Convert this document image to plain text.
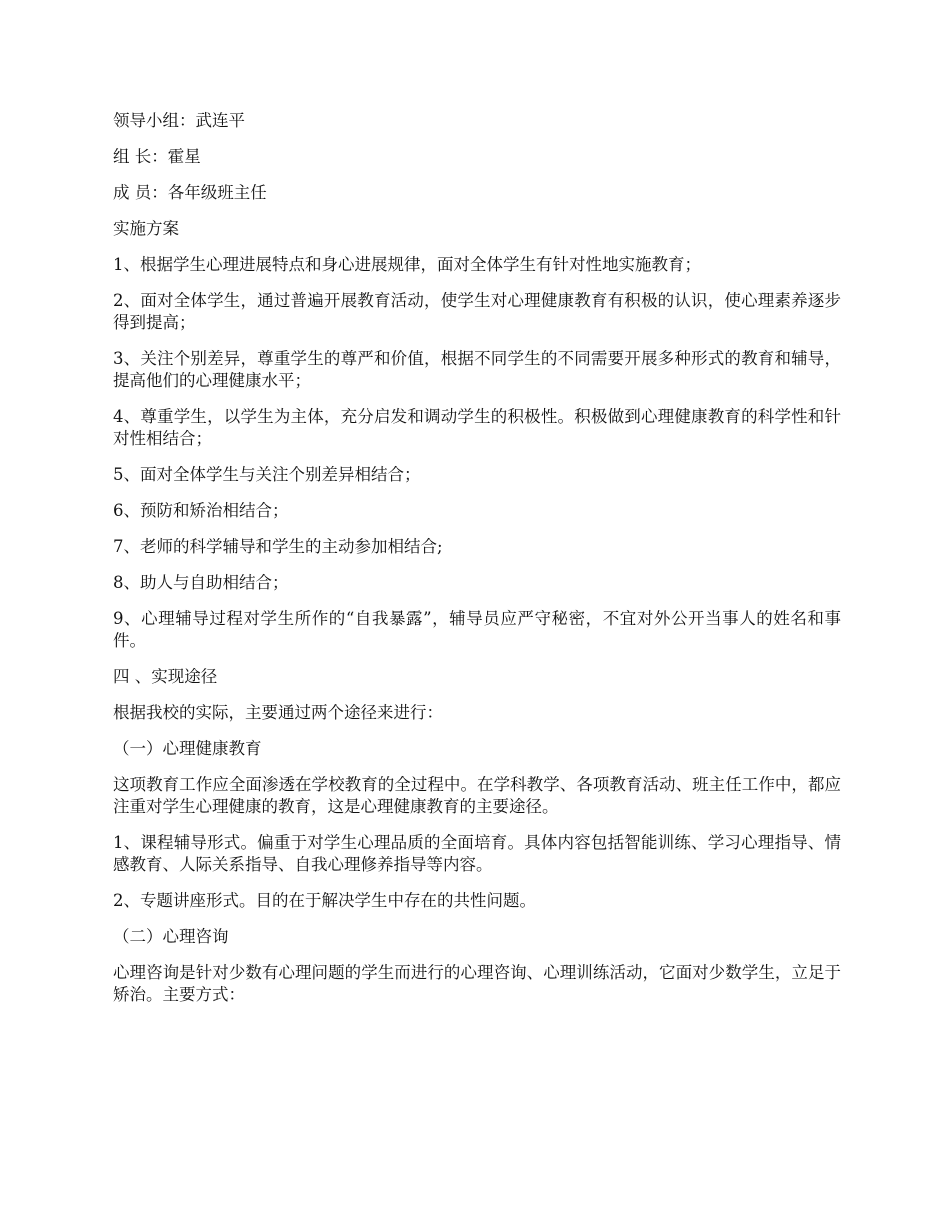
领导小组：武连平

组 长：霍星

成 员：各年级班主任

实施方案

1、根据学生心理进展特点和身心进展规律，面对全体学生有针对性地实施教育；

2、面对全体学生，通过普遍开展教育活动，使学生对心理健康教育有积极的认识，使心理素养逐步得到提高；

3、关注个别差异，尊重学生的尊严和价值，根据不同学生的不同需要开展多种形式的教育和辅导，提高他们的心理健康水平；

4、尊重学生，以学生为主体，充分启发和调动学生的积极性。积极做到心理健康教育的科学性和针对性相结合；

5、面对全体学生与关注个别差异相结合；

6、预防和矫治相结合；

7、老师的科学辅导和学生的主动参加相结合;

8、助人与自助相结合；

9、心理辅导过程对学生所作的“自我暴露”，辅导员应严守秘密，不宜对外公开当事人的姓名和事件。

四 、实现途径

根据我校的实际，主要通过两个途径来进行：

（一）心理健康教育

这项教育工作应全面渗透在学校教育的全过程中。在学科教学、各项教育活动、班主任工作中，都应注重对学生心理健康的教育，这是心理健康教育的主要途径。

1、课程辅导形式。偏重于对学生心理品质的全面培育。具体内容包括智能训练、学习心理指导、情感教育、人际关系指导、自我心理修养指导等内容。

2、专题讲座形式。目的在于解决学生中存在的共性问题。

（二）心理咨询

心理咨询是针对少数有心理问题的学生而进行的心理咨询、心理训练活动，它面对少数学生，立足于矫治。主要方式：
